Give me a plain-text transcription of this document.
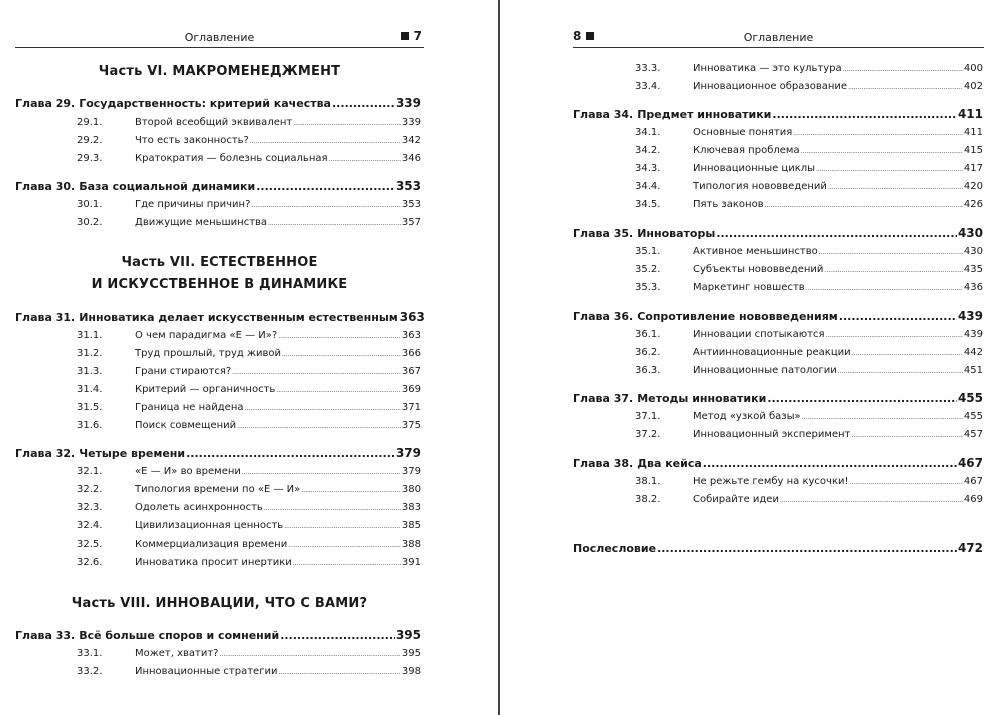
Оглавление	7
Часть VI. МАКРОМЕНЕДЖМЕНТ
Глава 29. Государственность: критерий качества .....	339
29.1.	Второй всеобщий эквивалент .....	339
29.2.	Что есть законность? .....	342
29.3.	Кратократия — болезнь социальная .....	346
Глава 30. База социальной динамики .....	353
30.1.	Где причины причин? .....	353
30.2.	Движущие меньшинства .....	357
Часть VII. ЕСТЕСТВЕННОЕ
И ИСКУССТВЕННОЕ В ДИНАМИКЕ
Глава 31. Инноватика делает искусственным естественным 363
31.1.	О чем парадигма «Е — И»? .....	363
31.2.	Труд прошлый, труд живой .....	366
31.3.	Грани стираются? .....	367
31.4.	Критерий — органичность .....	369
31.5.	Граница не найдена .....	371
31.6.	Поиск совмещений .....	375
Глава 32. Четыре времени .....	379
32.1.	«Е — И» во времени .....	379
32.2.	Типология времени по «Е — И» .....	380
32.3.	Одолеть асинхронность .....	383
32.4.	Цивилизационная ценность .....	385
32.5.	Коммерциализация времени .....	388
32.6.	Инноватика просит инертики .....	391
Часть VIII. ИННОВАЦИИ, ЧТО С ВАМИ?
Глава 33. Всё больше споров и сомнений .....	395
33.1.	Может, хватит? .....	395
33.2.	Инновационные стратегии .....	398
Оглавление
8
33.3.	Инноватика — это культура .....	400
33.4.	Инновационное образование .....	402
Глава 34. Предмет инноватики .....	411
34.1.	Основные понятия .....	411
34.2.	Ключевая проблема .....	415
34.3.	Инновационные циклы .....	417
34.4.	Типология нововведений .....	420
34.5.	Пять законов .....	426
Глава 35. Инноваторы .....	430
35.1.	Активное меньшинство .....	430
35.2.	Субъекты нововведений .....	435
35.3.	Маркетинг новшеств .....	436
Глава 36. Сопротивление нововведениям .....	439
36.1.	Инновации спотыкаются .....	439
36.2.	Антиинновационные реакции .....	442
36.3.	Инновационные патологии .....	451
Глава 37. Методы инноватики .....	455
37.1.	Метод «узкой базы» .....	455
37.2.	Инновационный эксперимент .....	457
Глава 38. Два кейса .....	467
38.1.	Не режьте гембу на кусочки! .....	467
38.2.	Собирайте идеи .....	469
Послесловие .....	472
